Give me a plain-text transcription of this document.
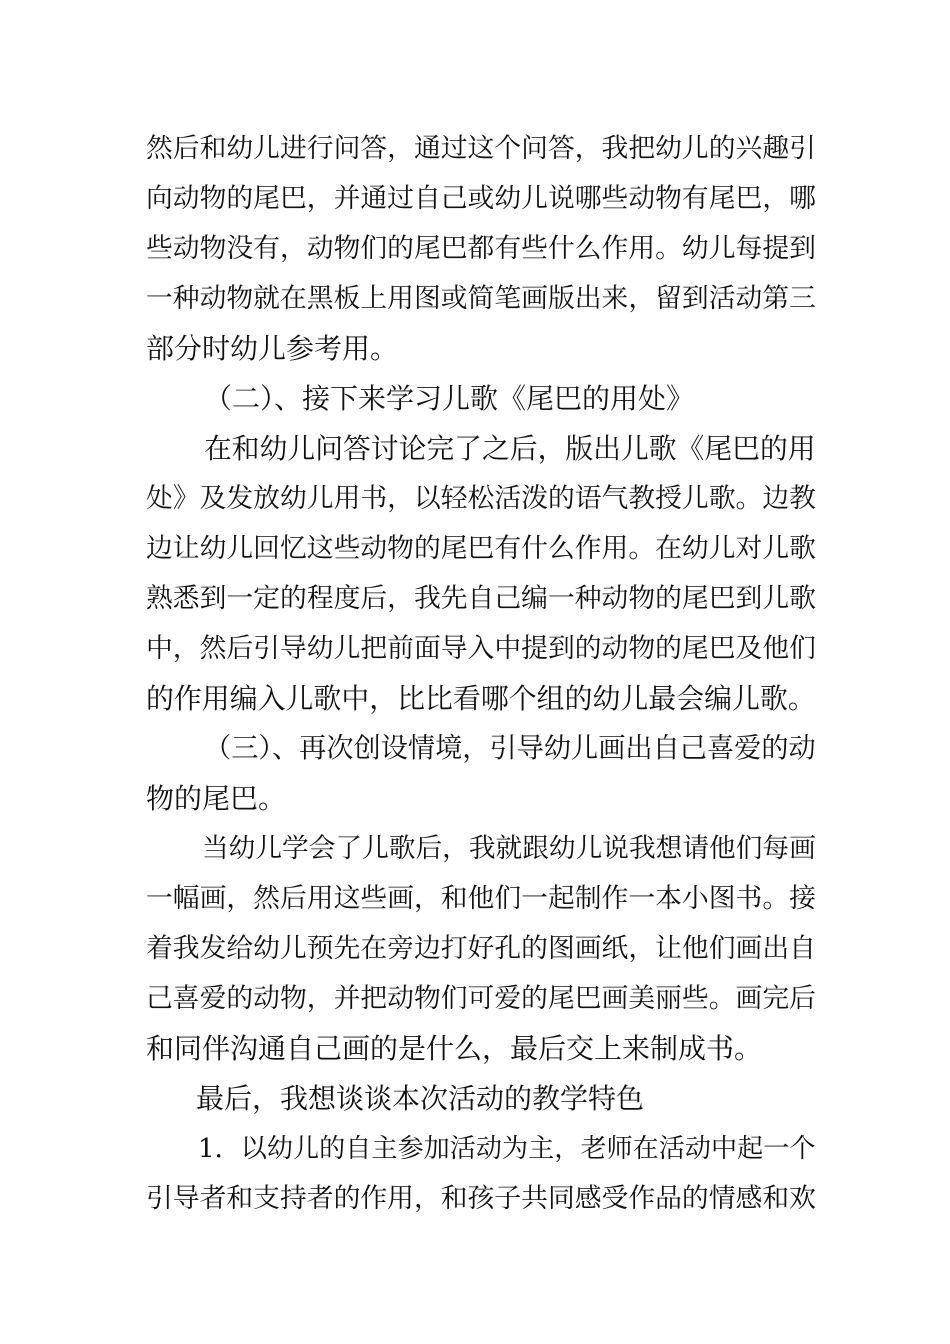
然后和幼儿进行问答，通过这个问答，我把幼儿的兴趣引
向动物的尾巴，并通过自己或幼儿说哪些动物有尾巴，哪
些动物没有，动物们的尾巴都有些什么作用。幼儿每提到
一种动物就在黑板上用图或简笔画版出来，留到活动第三
部分时幼儿参考用。
（二）、接下来学习儿歌《尾巴的用处》
在和幼儿问答讨论完了之后，版出儿歌《尾巴的用
处》及发放幼儿用书，以轻松活泼的语气教授儿歌。边教
边让幼儿回忆这些动物的尾巴有什么作用。在幼儿对儿歌
熟悉到一定的程度后，我先自己编一种动物的尾巴到儿歌
中，然后引导幼儿把前面导入中提到的动物的尾巴及他们
的作用编入儿歌中，比比看哪个组的幼儿最会编儿歌。
（三）、再次创设情境，引导幼儿画出自己喜爱的动
物的尾巴。
当幼儿学会了儿歌后，我就跟幼儿说我想请他们每画
一幅画，然后用这些画，和他们一起制作一本小图书。接
着我发给幼儿预先在旁边打好孔的图画纸，让他们画出自
己喜爱的动物，并把动物们可爱的尾巴画美丽些。画完后
和同伴沟通自己画的是什么，最后交上来制成书。
最后，我想谈谈本次活动的教学特色
1．以幼儿的自主参加活动为主，老师在活动中起一个
引导者和支持者的作用，和孩子共同感受作品的情感和欢
